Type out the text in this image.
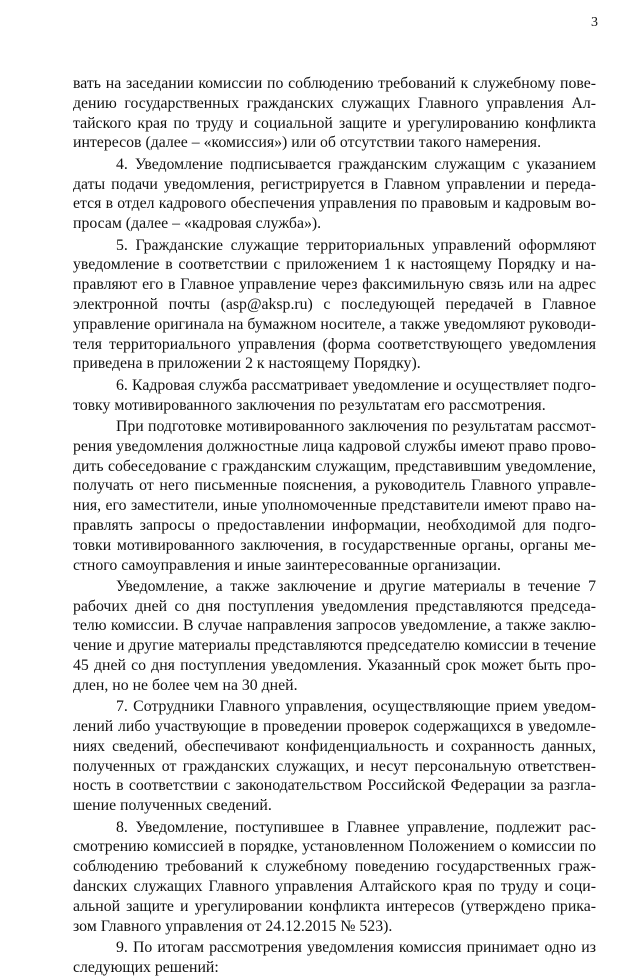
3

вать на заседании комиссии по соблюдению требований к служебному поведению государственных гражданских служащих Главного управления Алтайского края по труду и социальной защите и урегулированию конфликта интересов (далее – «комиссия») или об отсутствии такого намерения.

4. Уведомление подписывается гражданским служащим с указанием даты подачи уведомления, регистрируется в Главном управлении и передается в отдел кадрового обеспечения управления по правовым и кадровым вопросам (далее – «кадровая служба»).

5. Гражданские служащие территориальных управлений оформляют уведомление в соответствии с приложением 1 к настоящему Порядку и направляют его в Главное управление через факсимильную связь или на адрес электронной почты (asp@aksp.ru) с последующей передачей в Главное управление оригинала на бумажном носителе, а также уведомляют руководителя территориального управления (форма соответствующего уведомления приведена в приложении 2 к настоящему Порядку).

6. Кадровая служба рассматривает уведомление и осуществляет подготовку мотивированного заключения по результатам его рассмотрения.

При подготовке мотивированного заключения по результатам рассмотрения уведомления должностные лица кадровой службы имеют право проводить собеседование с гражданским служащим, представившим уведомление, получать от него письменные пояснения, а руководитель Главного управления, его заместители, иные уполномоченные представители имеют право направлять запросы о предоставлении информации, необходимой для подготовки мотивированного заключения, в государственные органы, органы местного самоуправления и иные заинтересованные организации.

Уведомление, а также заключение и другие материалы в течение 7 рабочих дней со дня поступления уведомления представляются председателю комиссии. В случае направления запросов уведомление, а также заключение и другие материалы представляются председателю комиссии в течение 45 дней со дня поступления уведомления. Указанный срок может быть продлен, но не более чем на 30 дней.

7. Сотрудники Главного управления, осуществляющие прием уведомлений либо участвующие в проведении проверок содержащихся в уведомлениях сведений, обеспечивают конфиденциальность и сохранность данных, полученных от гражданских служащих, и несут персональную ответственность в соответствии с законодательством Российской Федерации за разглашение полученных сведений.

8. Уведомление, поступившее в Главнее управление, подлежит рассмотрению комиссией в порядке, установленном Положением о комиссии по соблюдению требований к служебному поведению государственных гражdанских служащих Главного управления Алтайского края по труду и социальной защите и урегулировании конфликта интересов (утверждено приказом Главного управления от 24.12.2015 № 523).

9. По итогам рассмотрения уведомления комиссия принимает одно из следующих решений:
